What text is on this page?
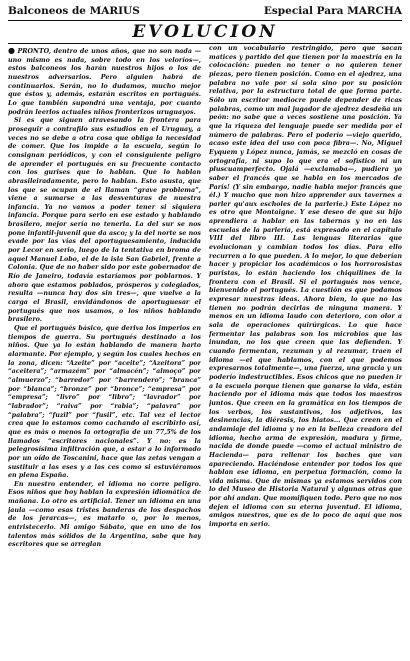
Balconeos de MARIUS	Especial Para MARCHA
EVOLUCION

● PRONTO, dentro de unos años, que no son nada —uno mismo es nada, sobre todo en los veloríos—, estos balconeos los harán nuestros hijos o los de nuestros adversarios. Pero alguien habrá de continuarlos. Serán, no lo dudamos, mucho mejor que éstos y, además, estarán escritos en portugués. Lo que también supondrá una ventaja, por cuanto podrán leerlos actuales niños fronterizos uruguayos.

Si es que siguen atravesando la frontera para proseguir a contrafilo sus estudios en el Uruguay, a veces no se debe a otra cosa que obliga la necesidad de comer. Que los impide a la escuela, según lo consignan periódicos, y con el consiguiente peligro de aprender el portugués en su frecuente contacto con los gurises que lo hablan. Que lo hablan abrasileiradamente, pero lo hablan. Esto asusta, que los que se ocupan de el llaman “grave problema”, viene a sumarse a las desventuras de nuestra infancia. Ya no vamos a poder tener si siquiera infancia. Porque para serlo en ese estado y hablando brasilero, mejor sería no tenerla. La del sur se nos pone infantil-juvenil que da asco; y la del norte se nos evade por las vías del aportuguesamiento, inducida por Lecor en serio, luego de la tentativa en broma de aquel Manuel Lobo, el de la isla San Gabriel, frente a Colonia. Que de no haber sido por este gobernador de Río de Janeiro, todavía estaríamos por poblarnos. Y ahora que estamos poblados, prósperos y colegiados, resulta —nunca hay dos sin tres—, que vuelve a la carga el Brasil, envidándonos de aportuguesar el portugués que nos usamos, o los niños hablando brasilero.

Que el portugués básico, que deriva los imperios en tiempos de guerra. Su portugués destinado a los niños. Que ya lo están hablando de manera harto alarmante. Por ejemplo, y según los cuales hechos en la zona, dicen: “Azeite” por “aceite”; “Azeitora” por “aceitera”; “armazém” por “almacén”; “almoço” por “almuerzo”; “barredor” por “barrendero”; “branca” por “blanca”; “bronze” por “bronce”; “empresa” por “empresa”; “livro” por “libro”; “lavrador” por “labrador”; “raiva” por “rabia”; “palavra” por “palabra”; “fuzil” por “fusil”, etc. Tal vez el lector crea que lo estamos como cachando al escribirlo así, que es más o menos la ortografía de un 77,5% de los llamados “escritores nacionales”. Y no: es la pelegrosísima infiltración que, a estar a lo informado por un oído de Toscanini, hace que las zetas vengan a sustituir a las eses y a las ces como si estuviéramos en plena España.

En nuestro entender, el idioma no corre peligro. Esos niños que hoy hablan la expresión idiomática de mañana. Lo otro es artificial. Tener un idioma en una jaula —como esas tristes banderas de los despachos de los jerarcas—, es matarlo o, por lo menos, entristecerlo. Mi amigo Sábato, que en uno de los talentos más sólidos de la Argentina, sabe que hay escritores que se arreglan

con un vocabulario restringido, pero que sacan matices y partido del que tienen por la maestría en la colocación: pueden no tener o no quieren tener piezas, pero tienen posición. Como en el ajedrez, una palabra no vale por sí sola sino por su posición relativa, por la estructura total de que forma parte. Sólo un escritor mediocre puede depender de ricas palabras, como un mal jugador de ajedrez desdeña un peón: no sabe que a veces sostiene una posición. Ya que la riqueza del lenguaje puede ser medida por el número de palabras. Pero el poderío —viejo querido, acaso este idea del uso con poca fibra—. No, Miguel Eyquem y López nunca, jamás, se mezcló en cosas de ortografía, ni supo lo que era el sofístico ni un pluscuamperfecto. Ojalá —exclamaba—, pudiera yo saber el francés que se habla en los mercados de París! (Y sin embargo, nadie habla mejor francés que él.) Y mucho que non hizo apprender aux tavernes a parler qu'aux escholes de la parlerie.) Este López no es otro que Montaigne. Y ese deseo de que su hijo aprendiera a hablar en las tabernas y no en las escuelas de la parlería, está expresado en el capítulo VIII del libro III. Las lenguas literarias que evolucionan y cambian todos los días. Para ello recurren a lo que pueden. A lo mejor, lo que deberían hacer y propiciar los académicos o los horrorosistas puristas, lo están haciendo los chiquilines de la frontera con el Brasil. Si el portugués nos vence, bienvenido el portugués. La cuestión es que podamos expresar nuestras ideas. Ahora bien, lo que no las tienen no podrán decirlas de ninguna manera. Y menos en un idioma laudo con deterioro, con olor a sala de operaciones quirúrgicas. Lo que hace fermentar las palabras son los microbios que las inundan, no los que creen que las defienden. Y cuando fermentan, rezuman y al rezumar, traen el idioma —el que hablamos, con el que podemos expresarnos totalmente—, una fuerza, una gracia y un poderío indestructibles. Esos chicos que no pueden ir a la escuela porque tienen que ganarse la vida, están haciendo por el idioma más que todos los maestros juntos. Que creen en la gramática en los tiempos de los verbos, los sustantivos, los adjetivos, las desinencias, la diéresis, los hiatos... Que creen en el andamiaje del idioma y no en la belleza creadora del idioma, hecho arma de expresión, madura y firme, nacida de donde puede —como el actual ministro de Hacienda— para rellenar los baches que van apareciendo. Haciéndose entender por todos los que hablan ese idioma, en perpetua formación, como la vida misma. Que de mismas ya estamos servidos con lo del Museo de Historia Natural y algunas otras que por ahí andan. Que momifiquen todo. Pero que no nos dejen el idioma con su eterna juventud. El idioma, amigos nuestros, que es de lo poco de aquí que nos importa en serio.
